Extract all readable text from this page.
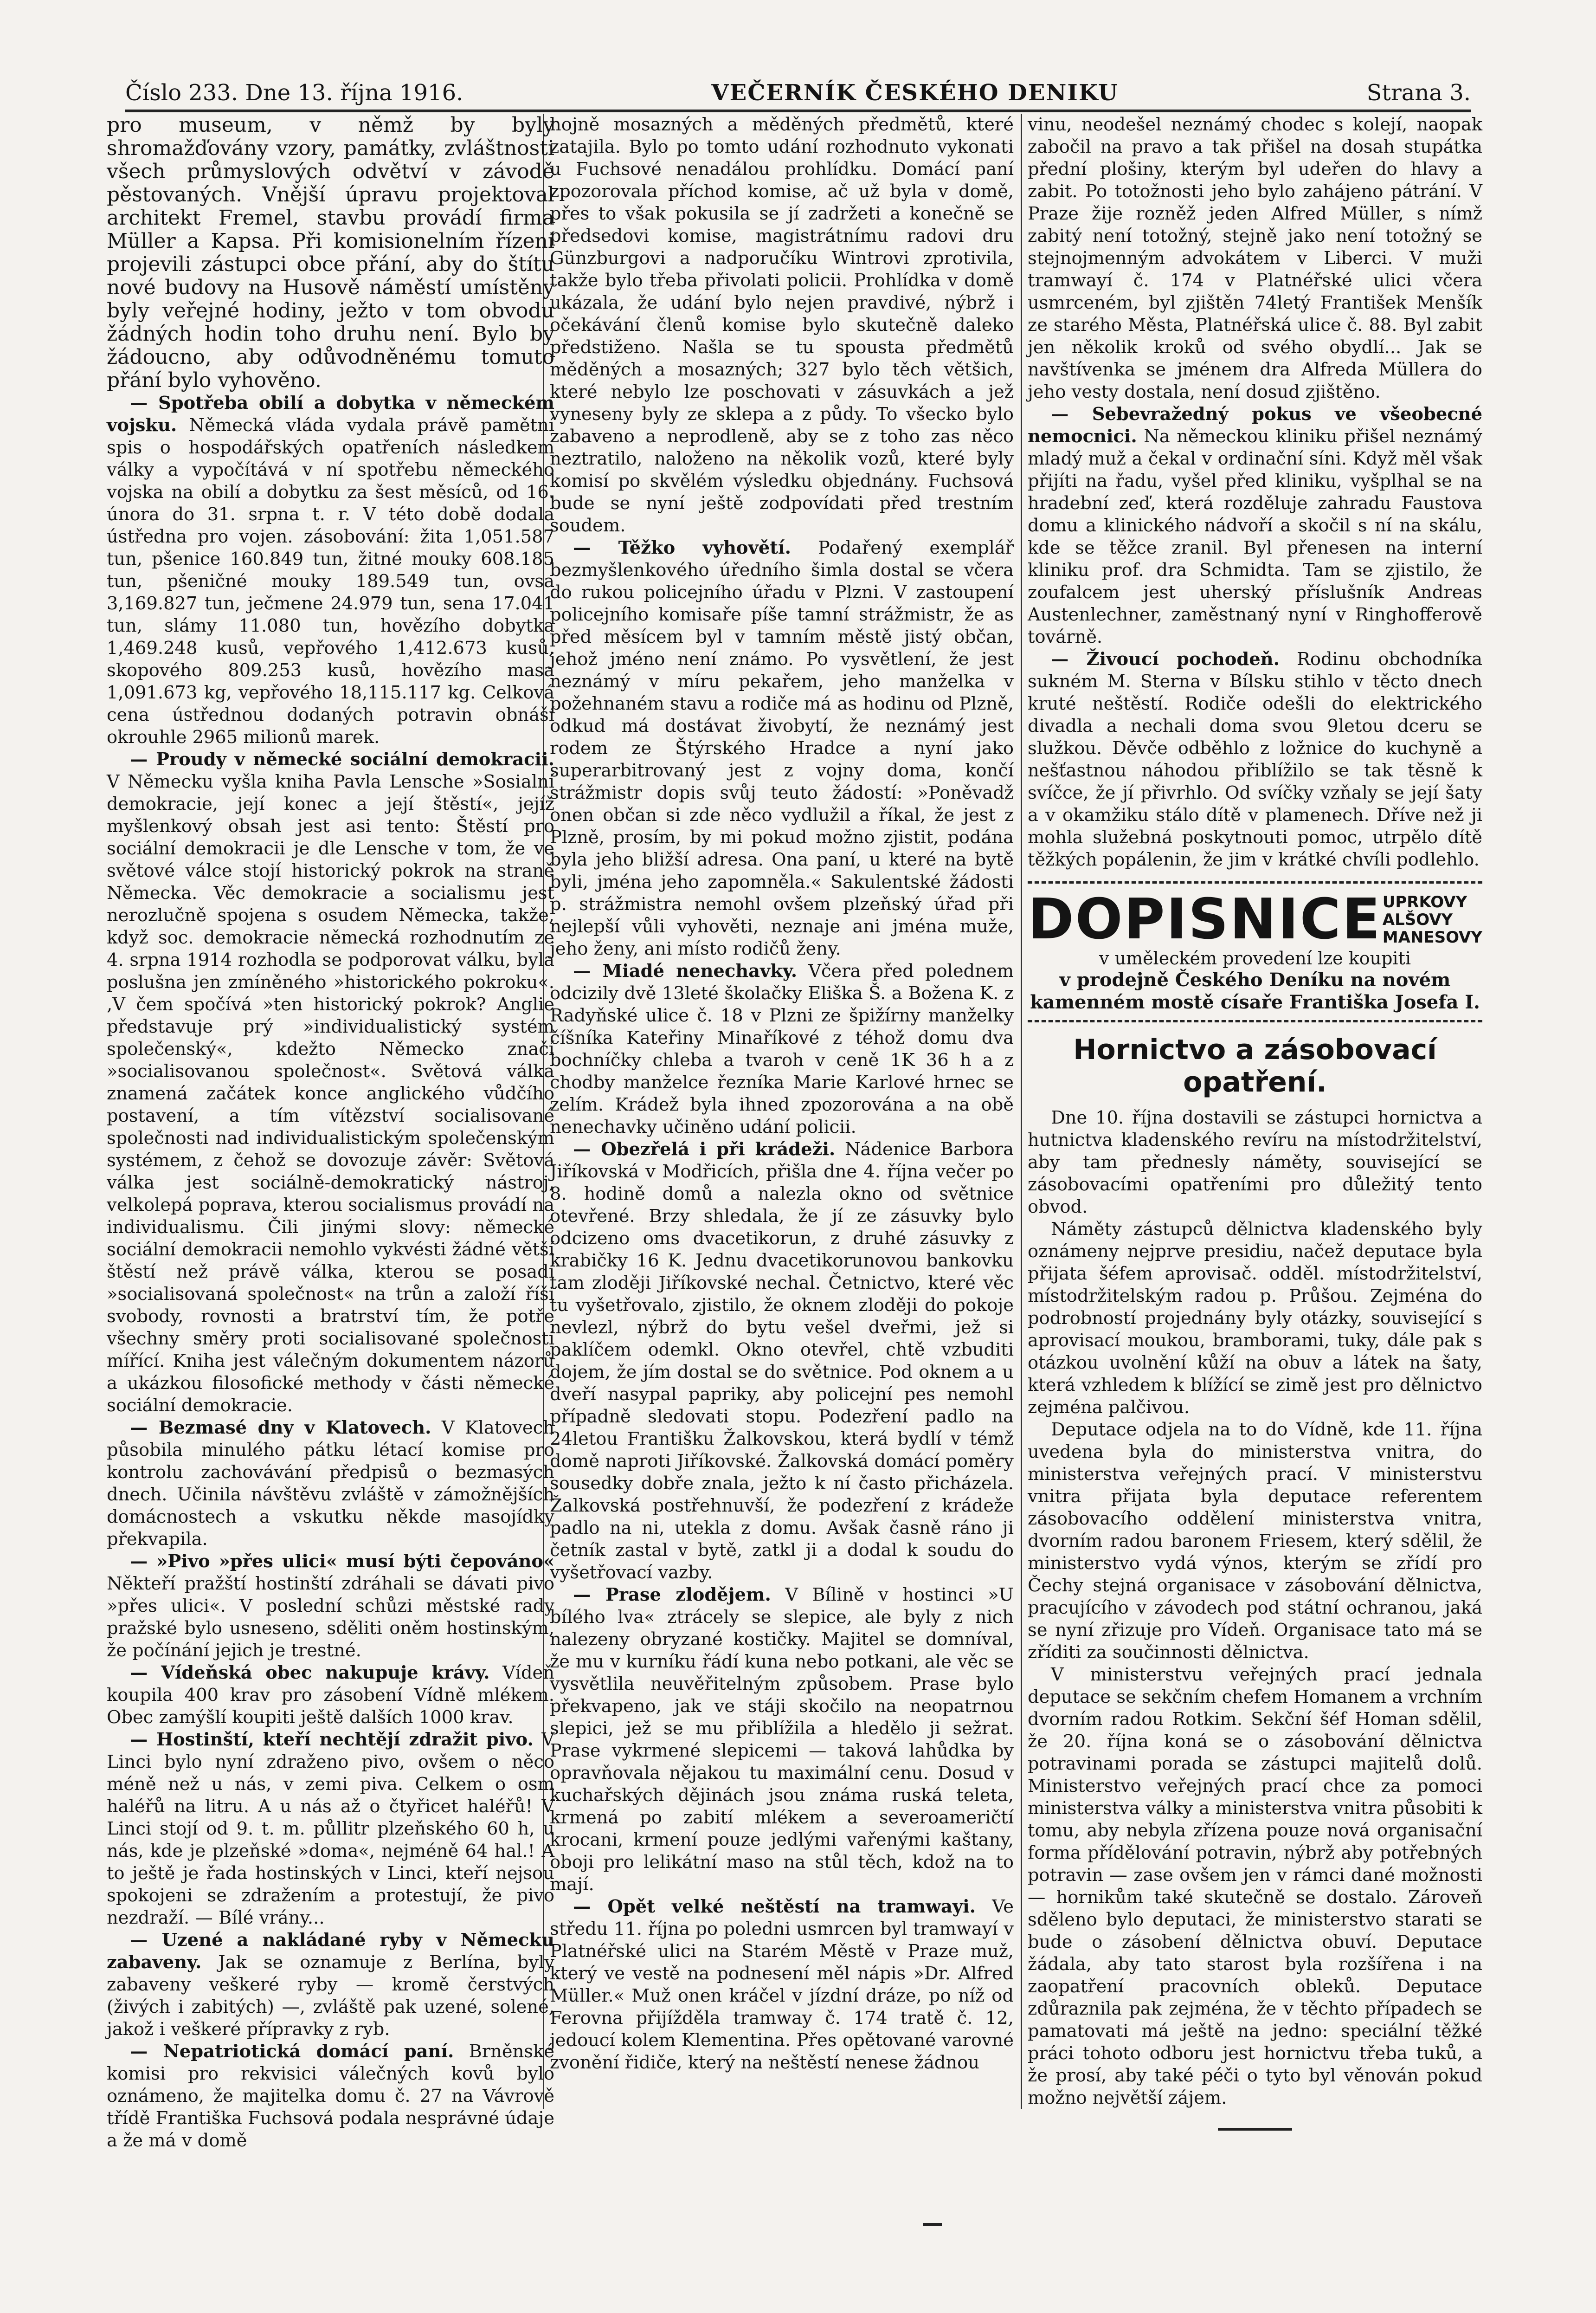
Číslo 233. Dne 13. října 1916.	VEČERNÍK ČESKÉHO DENIKU	Strana 3.

pro museum, v němž by byly shromažďovány vzory, památky, zvláštnosti všech průmyslových odvětví v závodě pěstovaných. Vnější úpravu projektoval architekt Fremel, stavbu provádí firma Müller a Kapsa. Při komisionelním řízení projevili zástupci obce přání, aby do štítu nové budovy na Husově náměstí umístěny byly veřejné hodiny, ježto v tom obvodu žádných hodin toho druhu není. Bylo by žádoucno, aby odůvodněnému tomuto přání bylo vyhověno.

— Spotřeba obilí a dobytka v německém vojsku. Německá vláda vydala právě pamětní spis o hospodářských opatřeních následkem války a vypočítává v ní spotřebu německého vojska na obilí a dobytku za šest měsíců, od 16. února do 31. srpna t. r. V této době dodala ústředna pro vojen. zásobování: žita 1,051.587 tun, pšenice 160.849 tun, žitné mouky 608.185 tun, pšeničné mouky 189.549 tun, ovsa 3,169.827 tun, ječmene 24.979 tun, sena 17.041 tun, slámy 11.080 tun, hovězího dobytka 1,469.248 kusů, vepřového 1,412.673 kusů, skopového 809.253 kusů, hovězího masa 1,091.673 kg, vepřového 18,115.117 kg. Celková cena ústřednou dodaných potravin obnáší okrouhle 2965 milionů marek.

— Proudy v německé sociální demokracii. V Německu vyšla kniha Pavla Lensche »Sosialní demokracie, její konec a její štěstí«, jejíž myšlenkový obsah jest asi tento: Štěstí pro sociální demokracii je dle Lensche v tom, že ve světové válce stojí historický pokrok na straně Německa. Věc demokracie a socialismu jest nerozlučně spojena s osudem Německa, takže, když soc. demokracie německá rozhodnutím ze 4. srpna 1914 rozhodla se podporovat válku, byla poslušna jen zmíněného »historického pokroku«. ,V čem spočívá »ten historický pokrok? Anglie představuje prý »individualistický systém společenský«, kdežto Německo značí »socialisovanou společnost«. Světová válka znamená začátek konce anglického vůdčího postavení, a tím vítězství socialisované společnosti nad individualistickým společenským systémem, z čehož se dovozuje závěr: Světová válka jest sociálně-demokratický nástroj, velkolepá poprava, kterou socialismus provádí na individualismu. Čili jinými slovy: německé sociální demokracii nemohlo vykvésti žádné větší štěstí než právě válka, kterou se posadí »socialisovaná společnost« na trůn a založí říši svobody, rovnosti a bratrství tím, že potře všechny směry proti socialisované společnosti mířící. Kniha jest válečným dokumentem názorů a ukázkou filosofické methody v části německé sociální demokracie.

— Bezmasé dny v Klatovech. V Klatovech působila minulého pátku létací komise pro kontrolu zachovávání předpisů o bezmasých dnech. Učinila návštěvu zvláště v zámožnějších domácnostech a vskutku někde masojídky překvapila.

— »Pivo »přes ulici« musí býti čepováno« Někteří pražští hostinští zdráhali se dávati pivo »přes ulici«. V poslední schůzi městské rady pražské bylo usneseno, sděliti oněm hostinským, že počínání jejich je trestné.

— Vídeňská obec nakupuje krávy. Vídeň koupila 400 krav pro zásobení Vídně mlékem. Obec zamýšlí koupiti ještě dalších 1000 krav.

— Hostinští, kteří nechtějí zdražit pivo. V Linci bylo nyní zdraženo pivo, ovšem o něco méně než u nás, v zemi piva. Celkem o osm haléřů na litru. A u nás až o čtyřicet haléřů! V Linci stojí od 9. t. m. půllitr plzeňského 60 h, u nás, kde je plzeňské »doma«, nejméně 64 hal.! A to ještě je řada hostinských v Linci, kteří nejsou spokojeni se zdražením a protestují, že pivo nezdraží. — Bílé vrány...

— Uzené a nakládané ryby v Německu zabaveny. Jak se oznamuje z Berlína, byly zabaveny veškeré ryby — kromě čerstvých (živých i zabitých) —, zvláště pak uzené, solené, jakož i veškeré přípravky z ryb.

— Nepatriotická domácí paní. Brněnské komisi pro rekvisici válečných kovů bylo oznámeno, že majitelka domu č. 27 na Vávrově třídě Františka Fuchsová podala nesprávné údaje a že má v domě

hojně mosazných a měděných předmětů, které zatajila. Bylo po tomto udání rozhodnuto vykonati u Fuchsové nenadálou prohlídku. Domácí paní zpozorovala příchod komise, ač už byla v domě, přes to však pokusila se jí zadržeti a konečně se předsedovi komise, magistrátnímu radovi dru Günzburgovi a nadporučíku Wintrovi zprotivila, takže bylo třeba přivolati policii. Prohlídka v domě ukázala, že udání bylo nejen pravdivé, nýbrž i očekávání členů komise bylo skutečně daleko předstiženo. Našla se tu spousta předmětů měděných a mosazných; 327 bylo těch většich, které nebylo lze poschovati v zásuvkách a jež vyneseny byly ze sklepa a z půdy. To všecko bylo zabaveno a neprodleně, aby se z toho zas něco neztratilo, naloženo na několik vozů, které byly komisí po skvělém výsledku objednány. Fuchsová bude se nyní ještě zodpovídati před trestním soudem.

— Těžko vyhovětí. Podařený exemplář bezmyšlenkového úředního šimla dostal se včera do rukou policejního úřadu v Plzni. V zastoupení policejního komisaře píše tamní strážmistr, že as před měsícem byl v tamním městě jistý občan, jehož jméno není známo. Po vysvětlení, že jest neznámý v míru pekařem, jeho manželka v požehnaném stavu a rodiče má as hodinu od Plzně, odkud má dostávat živobytí, že neznámý jest rodem ze Štýrského Hradce a nyní jako superarbitrovaný jest z vojny doma, končí strážmistr dopis svůj teuto žádostí: »Poněvadž onen občan si zde něco vydlužil a říkal, že jest z Plzně, prosím, by mi pokud možno zjistit, podána byla jeho bližší adresa. Ona paní, u které na bytě byli, jména jeho zapomněla.« Sakulentské žádosti p. strážmistra nemohl ovšem plzeňský úřad při nejlepší vůli vyhověti, neznaje ani jména muže, jeho ženy, ani místo rodičů ženy.

— Miadé nenechavky. Včera před polednem odcizily dvě 13leté školačky Eliška Š. a Božena K. z Radyňské ulice č. 18 v Plzni ze špižírny manželky číšníka Kateřiny Minaříkové z téhož domu dva bochníčky chleba a tvaroh v ceně 1K 36 h a z chodby manželce řezníka Marie Karlové hrnec se zelím. Krádež byla ihned zpozorována a na obě nenechavky učiněno udání policii.

— Obezřelá i při krádeži. Nádenice Barbora Jiříkovská v Modřicích, přišla dne 4. října večer po 8. hodině domů a nalezla okno od světnice otevřené. Brzy shledala, že jí ze zásuvky bylo odcizeno oms dvacetikorun, z druhé zásuvky z krabičky 16 K. Jednu dvacetikorunovou bankovku tam zloději Jiříkovské nechal. Četnictvo, které věc tu vyšetřovalo, zjistilo, že oknem zloději do pokoje nevlezl, nýbrž do bytu vešel dveřmi, jež si paklíčem odemkl. Okno otevřel, chtě vzbuditi dojem, že jím dostal se do světnice. Pod oknem a u dveří nasypal papriky, aby policejní pes nemohl případně sledovati stopu. Podezření padlo na 24letou Františku Žalkovskou, která bydlí v témž domě naproti Jiříkovské. Žalkovská domácí poměry sousedky dobře znala, ježto k ní často přicházela. Žalkovská postřehnuvší, že podezření z krádeže padlo na ni, utekla z domu. Avšak časně ráno ji četník zastal v bytě, zatkl ji a dodal k soudu do vyšetřovací vazby.

— Prase zlodějem. V Bílině v hostinci »U bílého lva« ztrácely se slepice, ale byly z nich nalezeny obryzané kostičky. Majitel se domníval, že mu v kurníku řádí kuna nebo potkani, ale věc se vysvětlila neuvěřitelným způsobem. Prase bylo překvapeno, jak ve stáji skočilo na neopatrnou slepici, jež se mu přiblížila a hledělo ji sežrat. Prase vykrmené slepicemi — taková lahůdka by opravňovala nějakou tu maximální cenu. Dosud v kuchařských dějinách jsou známa ruská teleta, krmená po zabití mlékem a severoameričtí krocani, krmení pouze jedlými vařenými kaštany, oboji pro lelikátní maso na stůl těch, kdož na to mají.

— Opět velké neštěstí na tramwayi. Ve středu 11. října po poledni usmrcen byl tramwayí v Platnéřské ulici na Starém Městě v Praze muž, který ve vestě na podnesení měl nápis »Dr. Alfred Müller.« Muž onen kráčel v jízdní dráze, po níž od Ferovna přijížděla tramway č. 174 tratě č. 12, jedoucí kolem Klementina. Přes opětované varovné zvonění řidiče, který na neštěstí nenese žádnou

vinu, neodešel neznámý chodec s kolejí, naopak zabočil na pravo a tak přišel na dosah stupátka přední plošiny, kterým byl udeřen do hlavy a zabit. Po totožnosti jeho bylo zahájeno pátrání. V Praze žije rozněž jeden Alfred Müller, s nímž zabitý není totožný, stejně jako není totožný se stejnojmenným advokátem v Liberci. V muži tramwayí č. 174 v Platnéřské ulici včera usmrceném, byl zjištěn 74letý František Menšík ze starého Města, Platnéřská ulice č. 88. Byl zabit jen několik kroků od svého obydlí... Jak se navštívenka se jménem dra Alfreda Müllera do jeho vesty dostala, není dosud zjištěno.

— Sebevražedný pokus ve všeobecné nemocnici. Na německou kliniku přišel neznámý mladý muž a čekal v ordinační síni. Když měl však přijíti na řadu, vyšel před kliniku, vyšplhal se na hradební zeď, která rozděluje zahradu Faustova domu a klinického nádvoří a skočil s ní na skálu, kde se těžce zranil. Byl přenesen na interní kliniku prof. dra Schmidta. Tam se zjistilo, že zoufalcem jest uherský příslušník Andreas Austenlechner, zaměstnaný nyní v Ringhofferově továrně.

— Živoucí pochodeň. Rodinu obchodníka sukném M. Sterna v Bílsku stihlo v těcto dnech kruté neštěstí. Rodiče odešli do elektrického divadla a nechali doma svou 9letou dceru se služkou. Děvče odběhlo z ložnice do kuchyně a nešťastnou náhodou přiblížilo se tak těsně k svíčce, že jí přivrhlo. Od svíčky vzňaly se její šaty a v okamžiku stálo dítě v plamenech. Dříve než ji mohla služebná poskytnouti pomoc, utrpělo dítě těžkých popálenin, že jim v krátké chvíli podlehlo.

DOPISNICE UPRKOVY
ALŠOVY
MANESOVY
v uměleckém provedení lze koupiti
v prodejně Českého Deníku na novém kamenném mostě císaře Františka Josefa I.
Hornictvo a zásobovací opatření.

Dne 10. října dostavili se zástupci hornictva a hutnictva kladenského revíru na místodržitelství, aby tam přednesly náměty, související se zásobovacími opatřeními pro důležitý tento obvod.

Náměty zástupců dělnictva kladenského byly oznámeny nejprve presidiu, načež deputace byla přijata šéfem aprovisač. odděl. místodržitelství, místodržitelským radou p. Průšou. Zejména do podrobností projednány byly otázky, související s aprovisací moukou, bramborami, tuky, dále pak s otázkou uvolnění kůží na obuv a látek na šaty, která vzhledem k blížící se zimě jest pro dělnictvo zejména palčivou.

Deputace odjela na to do Vídně, kde 11. října uvedena byla do ministerstva vnitra, do ministerstva veřejných prací. V ministerstvu vnitra přijata byla deputace referentem zásobovacího oddělení ministerstva vnitra, dvorním radou baronem Friesem, který sdělil, že ministerstvo vydá výnos, kterým se zřídí pro Čechy stejná organisace v zásobování dělnictva, pracujícího v závodech pod státní ochranou, jaká se nyní zřizuje pro Vídeň. Organisace tato má se zříditi za součinnosti dělnictva.

V ministerstvu veřejných prací jednala deputace se sekčním chefem Homanem a vrchním dvorním radou Rotkim. Sekční šéf Homan sdělil, že 20. října koná se o zásobování dělnictva potravinami porada se zástupci majitelů dolů. Ministerstvo veřejných prací chce za pomoci ministerstva války a ministerstva vnitra působiti k tomu, aby nebyla zřízena pouze nová organisační forma přídělování potravin, nýbrž aby potřebných potravin — zase ovšem jen v rámci dané možnosti — hornikům také skutečně se dostalo. Zároveň sděleno bylo deputaci, že ministerstvo starati se bude o zásobení dělnictva obuví. Deputace žádala, aby tato starost byla rozšířena i na zaopatření pracovních obleků. Deputace zdůraznila pak zejména, že v těchto případech se pamatovati má ještě na jedno: speciální těžké práci tohoto odboru jest hornictvu třeba tuků, a že prosí, aby také péči o tyto byl věnován pokud možno největší zájem.
